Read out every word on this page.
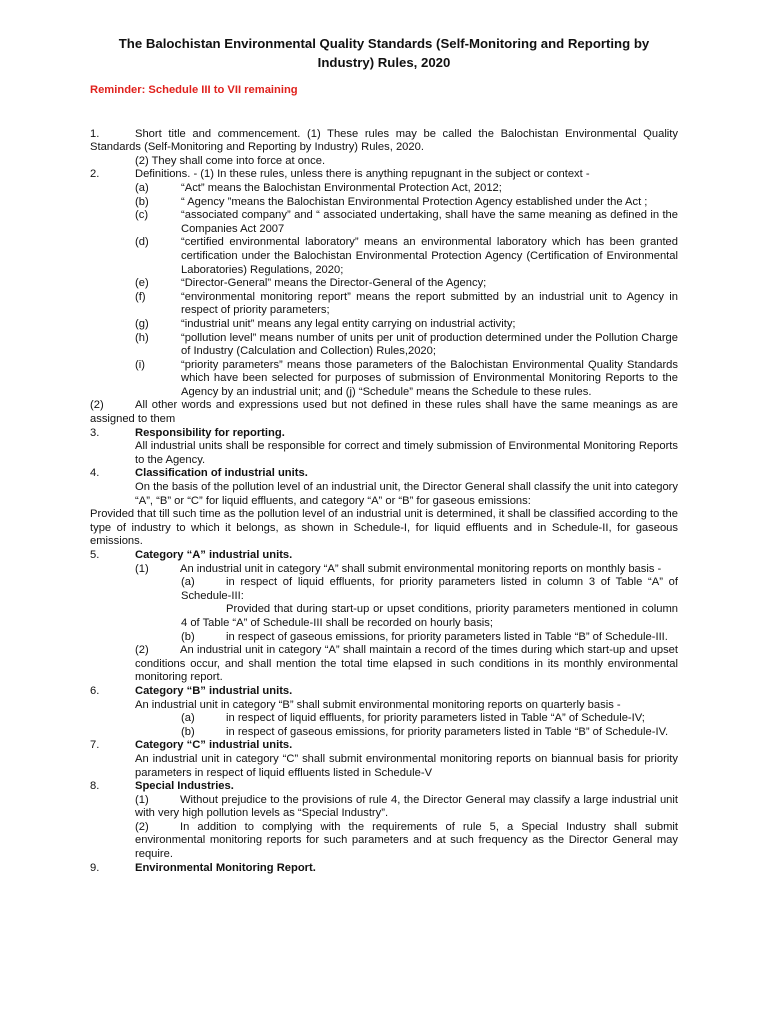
The Balochistan Environmental Quality Standards (Self-Monitoring and Reporting by Industry) Rules, 2020
Reminder: Schedule III to VII remaining
1.	Short title and commencement. (1) These rules may be called the Balochistan Environmental Quality Standards (Self-Monitoring and Reporting by Industry) Rules, 2020.
(2) They shall come into force at once.
2.	Definitions. - (1) In these rules, unless there is anything repugnant in the subject or context -
(a)	“Act” means the Balochistan Environmental Protection Act, 2012;
(b)	“ Agency ”means the Balochistan Environmental Protection Agency established under the Act ;
(c)	“associated company” and “ associated undertaking, shall have the same meaning as defined in the Companies Act 2007
(d)	“certified environmental laboratory” means an environmental laboratory which has been granted certification under the Balochistan Environmental Protection Agency (Certification of Environmental Laboratories) Regulations, 2020;
(e)	“Director-General” means the Director-General of the Agency;
(f)	“environmental monitoring report” means the report submitted by an industrial unit to Agency in respect of priority parameters;
(g)	“industrial unit” means any legal entity carrying on industrial activity;
(h)	“pollution level” means number of units per unit of production determined under the Pollution Charge of Industry (Calculation and Collection) Rules,2020;
(i)	“priority parameters” means those parameters of the Balochistan Environmental Quality Standards which have been selected for purposes of submission of Environmental Monitoring Reports to the Agency by an industrial unit; and (j) “Schedule” means the Schedule to these rules.
(2)	All other words and expressions used but not defined in these rules shall have the same meanings as are assigned to them
3.	Responsibility for reporting.
All industrial units shall be responsible for correct and timely submission of Environmental Monitoring Reports to the Agency.
4.	Classification of industrial units.
On the basis of the pollution level of an industrial unit, the Director General shall classify the unit into category “A”, “B” or “C” for liquid effluents, and category “A” or “B” for gaseous emissions:
Provided that till such time as the pollution level of an industrial unit is determined, it shall be classified according to the type of industry to which it belongs, as shown in Schedule-I, for liquid effluents and in Schedule-II, for gaseous emissions.
5.	Category “A” industrial units.
(1)	An industrial unit in category “A” shall submit environmental monitoring reports on monthly basis -
(a)	in respect of liquid effluents, for priority parameters listed in column 3 of Table “A” of Schedule-III:
Provided that during start-up or upset conditions, priority parameters mentioned in column 4 of Table “A” of Schedule-III shall be recorded on hourly basis;
(b)	in respect of gaseous emissions, for priority parameters listed in Table “B” of Schedule-III.
(2)	An industrial unit in category “A” shall maintain a record of the times during which start-up and upset conditions occur, and shall mention the total time elapsed in such conditions in its monthly environmental monitoring report.
6.	Category “B” industrial units.
An industrial unit in category “B” shall submit environmental monitoring reports on quarterly basis -
(a)	in respect of liquid effluents, for priority parameters listed in Table “A” of Schedule-IV;
(b)	in respect of gaseous emissions, for priority parameters listed in Table “B” of Schedule-IV.
7.	Category “C” industrial units.
An industrial unit in category “C” shall submit environmental monitoring reports on biannual basis for priority parameters in respect of liquid effluents listed in Schedule-V
8.	Special Industries.
(1)	Without prejudice to the provisions of rule 4, the Director General may classify a large industrial unit with very high pollution levels as “Special Industry”.
(2)	In addition to complying with the requirements of rule 5, a Special Industry shall submit environmental monitoring reports for such parameters and at such frequency as the Director General may require.
9.	Environmental Monitoring Report.
